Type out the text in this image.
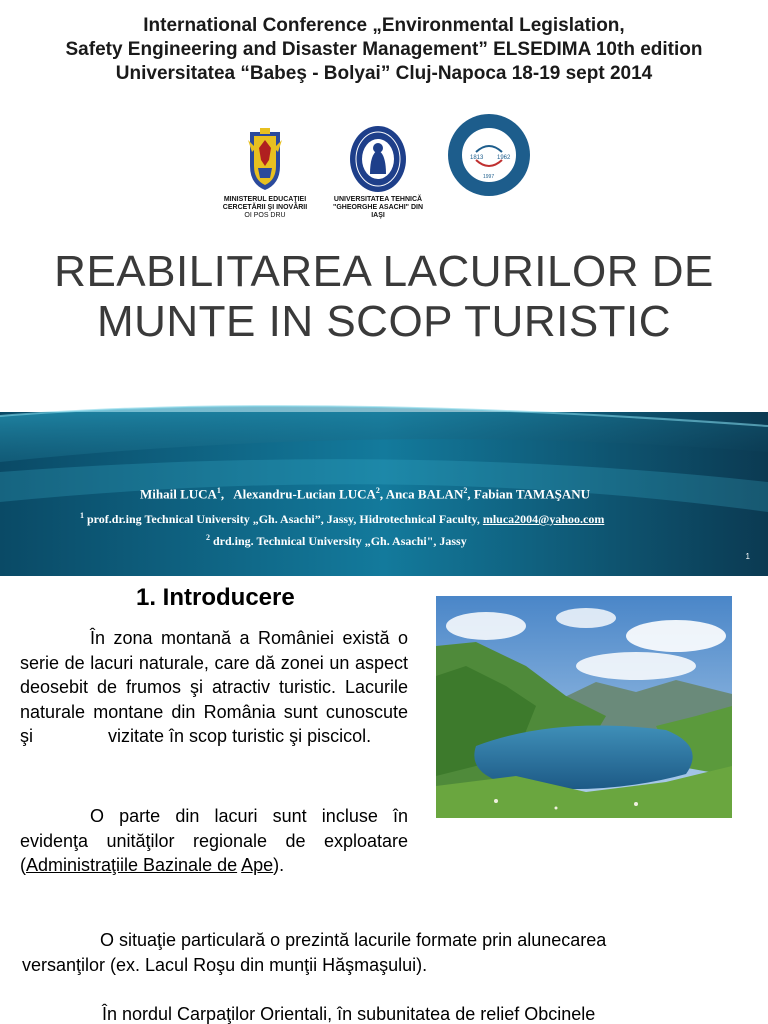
International Conference „Environmental Legislation,
Safety Engineering and Disaster Management” ELSEDIMA 10th edition
Universitatea “Babeş - Bolyai” Cluj-Napoca 18-19 sept 2014
MINISTERUL EDUCAŢIEI
CERCETĂRII ŞI INOVĂRII
OI POS DRU
UNIVERSITATEA TEHNICĂ
"GHEORGHE ASACHI" DIN
IAŞI
1813 1962
1997
REABILITAREA LACURILOR DE
MUNTE IN SCOP TURISTIC
Mihail LUCA$^1$,   Alexandru-Lucian LUCA$^2$, Anca BALAN$^2$, Fabian TAMAŞANU
$^1$ prof.dr.ing Technical University „Gh. Asachi”, Jassy, Hidrotechnical Faculty, mluca2004@yahoo.com
$^2$ drd.ing. Technical University „Gh. Asachi", Jassy
1
1. Introducere

În zona montană a României există o serie de lacuri naturale, care dă zonei un aspect deosebit de frumos şi atractiv turistic. Lacurile naturale montane din România sunt cunoscute şi	vizitate în scop turistic şi piscicol.

O parte din lacuri sunt incluse în evidenţa unităţilor regionale de exploatare (Administraţiile Bazinale de Ape).

O situaţie particulară o prezintă lacurile formate prin alunecarea
versanţilor (ex. Lacul Roşu din munţii Hăşmaşului).
În nordul Carpaţilor Orientali, în subunitatea de relief Obcinele
